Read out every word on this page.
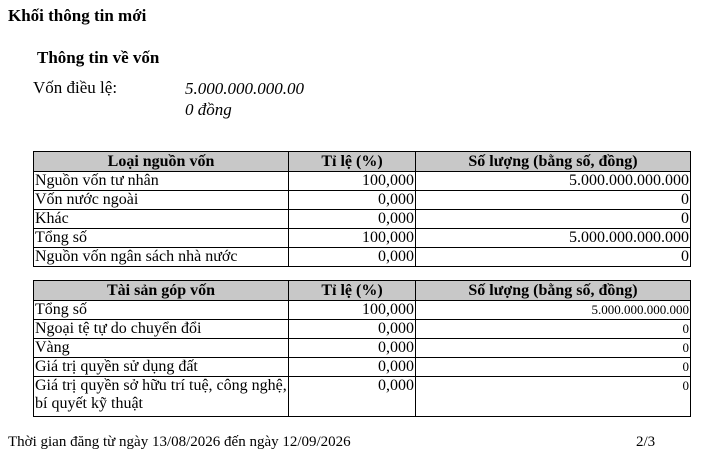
Khối thông tin mới
Thông tin về vốn
Vốn điều lệ:	5.000.000.000.00
0 đồng
Loại nguồn vốn	Tỉ lệ (%)	Số lượng (bằng số, đồng)
Nguồn vốn tư nhân	100,000	5.000.000.000.000
Vốn nước ngoài	0,000	0
Khác	0,000	0
Tổng số	100,000	5.000.000.000.000
Nguồn vốn ngân sách nhà nước	0,000	0
Tài sản góp vốn	Tỉ lệ (%)	Số lượng (bằng số, đồng)
Tổng số	100,000	5.000.000.000.000
Ngoại tệ tự do chuyển đổi	0,000	0
Vàng	0,000	0
Giá trị quyền sử dụng đất	0,000	0
Giá trị quyền sở hữu trí tuệ, công nghệ, bí quyết kỹ thuật	0,000	0
Thời gian đăng từ ngày 13/08/2026 đến ngày 12/09/2026	2/3
